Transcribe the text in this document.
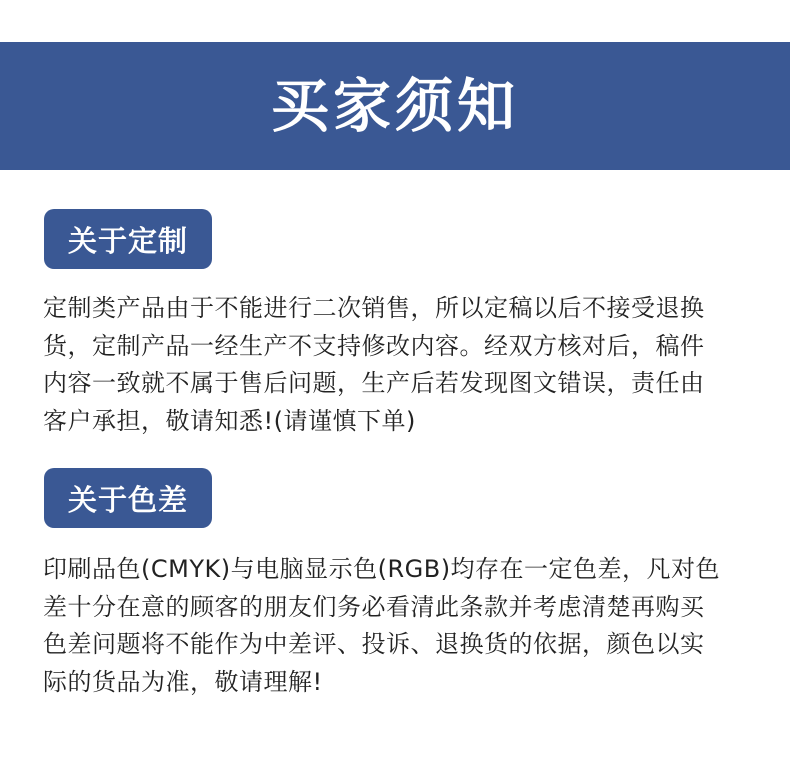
买家须知
关于定制

定制类产品由于不能进行二次销售，所以定稿以后不接受退换
货，定制产品一经生产不支持修改内容。经双方核对后，稿件
内容一致就不属于售后问题，生产后若发现图文错误，责任由
客户承担，敬请知悉!(请谨慎下单)

关于色差

印刷品色(CMYK)与电脑显示色(RGB)均存在一定色差，凡对色
差十分在意的顾客的朋友们务必看清此条款并考虑清楚再购买
色差问题将不能作为中差评、投诉、退换货的依据，颜色以实
际的货品为准，敬请理解!
